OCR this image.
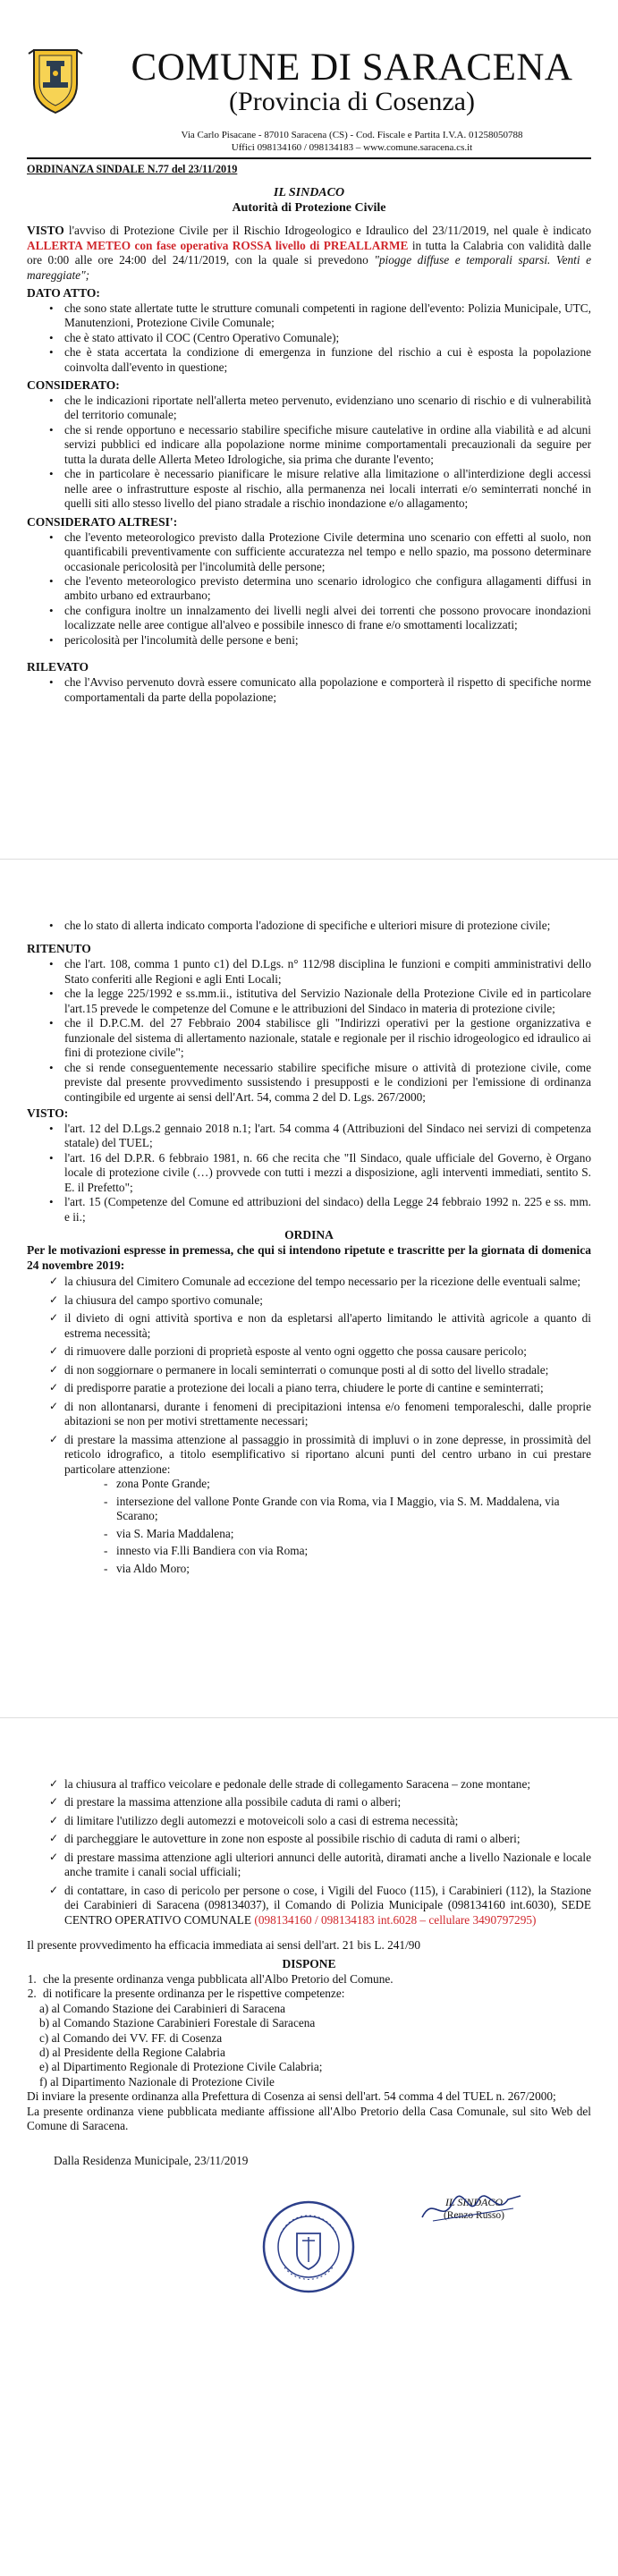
COMUNE DI SARACENA
(Provincia di Cosenza)
Via Carlo Pisacane - 87010 Saracena (CS) - Cod. Fiscale e Partita I.V.A. 01258050788
Uffici 098134160 / 098134183 – www.comune.saracena.cs.it
ORDINANZA SINDALE N.77 del 23/11/2019
IL SINDACO
Autorità di Protezione Civile

VISTO l'avviso di Protezione Civile per il Rischio Idrogeologico e Idraulico del 23/11/2019, nel quale è indicato ALLERTA METEO con fase operativa ROSSA livello di PREALLARME in tutta la Calabria con validità dalle ore 0:00 alle ore 24:00 del 24/11/2019, con la quale si prevedono "piogge diffuse e temporali sparsi. Venti e mareggiate";

DATO ATTO:
• che sono state allertate tutte le strutture comunali competenti in ragione dell'evento: Polizia Municipale, UTC, Manutenzioni, Protezione Civile Comunale;
• che è stato attivato il COC (Centro Operativo Comunale);
• che è stata accertata la condizione di emergenza in funzione del rischio a cui è esposta la popolazione coinvolta dall'evento in questione;
CONSIDERATO:
• che le indicazioni riportate nell'allerta meteo pervenuto, evidenziano uno scenario di rischio e di vulnerabilità del territorio comunale;
• che si rende opportuno e necessario stabilire specifiche misure cautelative in ordine alla viabilità e ad alcuni servizi pubblici ed indicare alla popolazione norme minime comportamentali precauzionali da seguire per tutta la durata delle Allerta Meteo Idrologiche, sia prima che durante l'evento;
• che in particolare è necessario pianificare le misure relative alla limitazione o all'interdizione degli accessi nelle aree o infrastrutture esposte al rischio, alla permanenza nei locali interrati e/o seminterrati nonché in quelli siti allo stesso livello del piano stradale a rischio inondazione e/o allagamento;
CONSIDERATO ALTRESI':
• che l'evento meteorologico previsto dalla Protezione Civile determina uno scenario con effetti al suolo, non quantificabili preventivamente con sufficiente accuratezza nel tempo e nello spazio, ma possono determinare occasionale pericolosità per l'incolumità delle persone;
• che l'evento meteorologico previsto determina uno scenario idrologico che configura allagamenti diffusi in ambito urbano ed extraurbano;
• che configura inoltre un innalzamento dei livelli negli alvei dei torrenti che possono provocare inondazioni localizzate nelle aree contigue all'alveo e possibile innesco di frane e/o smottamenti localizzati;
• pericolosità per l'incolumità delle persone e beni;
RILEVATO
• che l'Avviso pervenuto dovrà essere comunicato alla popolazione e comporterà il rispetto di specifiche norme comportamentali da parte della popolazione;
• che lo stato di allerta indicato comporta l'adozione di specifiche e ulteriori misure di protezione civile;
RITENUTO
• che l'art. 108, comma 1 punto c1) del D.Lgs. n° 112/98 disciplina le funzioni e compiti amministrativi dello Stato conferiti alle Regioni e agli Enti Locali;
• che la legge 225/1992 e ss.mm.ii., istitutiva del Servizio Nazionale della Protezione Civile ed in particolare l'art.15 prevede le competenze del Comune e le attribuzioni del Sindaco in materia di protezione civile;
• che il D.P.C.M. del 27 Febbraio 2004 stabilisce gli "Indirizzi operativi per la gestione organizzativa e funzionale del sistema di allertamento nazionale, statale e regionale per il rischio idrogeologico ed idraulico ai fini di protezione civile";
• che si rende conseguentemente necessario stabilire specifiche misure o attività di protezione civile, come previste dal presente provvedimento sussistendo i presupposti e le condizioni per l'emissione di ordinanza contingibile ed urgente ai sensi dell'Art. 54, comma 2 del D. Lgs. 267/2000;
VISTO:
• l'art. 12 del D.Lgs.2 gennaio 2018 n.1; l'art. 54 comma 4 (Attribuzioni del Sindaco nei servizi di competenza statale) del TUEL;
• l'art. 16 del D.P.R. 6 febbraio 1981, n. 66 che recita che "Il Sindaco, quale ufficiale del Governo, è Organo locale di protezione civile (…) provvede con tutti i mezzi a disposizione, agli interventi immediati, sentito S. E. il Prefetto";
• l'art. 15 (Competenze del Comune ed attribuzioni del sindaco) della Legge 24 febbraio 1992 n. 225 e ss. mm. e ii.;
ORDINA

Per le motivazioni espresse in premessa, che qui si intendono ripetute e trascritte per la giornata di domenica 24 novembre 2019:

✓ la chiusura del Cimitero Comunale ad eccezione del tempo necessario per la ricezione delle eventuali salme;
✓ la chiusura del campo sportivo comunale;
✓ il divieto di ogni attività sportiva e non da espletarsi all'aperto limitando le attività agricole a quanto di estrema necessità;
✓ di rimuovere dalle porzioni di proprietà esposte al vento ogni oggetto che possa causare pericolo;
✓ di non soggiornare o permanere in locali seminterrati o comunque posti al di sotto del livello stradale;
✓ di predisporre paratie a protezione dei locali a piano terra, chiudere le porte di cantine e seminterrati;
✓ di non allontanarsi, durante i fenomeni di precipitazioni intensa e/o fenomeni temporaleschi, dalle proprie abitazioni se non per motivi strettamente necessari;
✓ di prestare la massima attenzione al passaggio in prossimità di impluvi o in zone depresse, in prossimità del reticolo idrografico, a titolo esemplificativo si riportano alcuni punti del centro urbano in cui prestare particolare attenzione:
- zona Ponte Grande;
- intersezione del vallone Ponte Grande con via Roma, via I Maggio, via S. M. Maddalena, via Scarano;
- via S. Maria Maddalena;
- innesto via F.lli Bandiera con via Roma;
- via Aldo Moro;
✓ la chiusura al traffico veicolare e pedonale delle strade di collegamento Saracena – zone montane;
✓ di prestare la massima attenzione alla possibile caduta di rami o alberi;
✓ di limitare l'utilizzo degli automezzi e motoveicoli solo a casi di estrema necessità;
✓ di parcheggiare le autovetture in zone non esposte al possibile rischio di caduta di rami o alberi;
✓ di prestare massima attenzione agli ulteriori annunci delle autorità, diramati anche a livello Nazionale e locale anche tramite i canali social ufficiali;
✓ di contattare, in caso di pericolo per persone o cose, i Vigili del Fuoco (115), i Carabinieri (112), la Stazione dei Carabinieri di Saracena (098134037), il Comando di Polizia Municipale (098134160 int.6030), SEDE CENTRO OPERATIVO COMUNALE (098134160 / 098134183 int.6028 – cellulare 3490797295)

Il presente provvedimento ha efficacia immediata ai sensi dell'art. 21 bis L. 241/90

DISPONE
1. che la presente ordinanza venga pubblicata all'Albo Pretorio del Comune.
2. di notificare la presente ordinanza per le rispettive competenze:
a) al Comando Stazione dei Carabinieri di Saracena
b) al Comando Stazione Carabinieri Forestale di Saracena
c) al Comando dei VV. FF. di Cosenza
d) al Presidente della Regione Calabria
e) al Dipartimento Regionale di Protezione Civile Calabria;
f) al Dipartimento Nazionale di Protezione Civile

Di inviare la presente ordinanza alla Prefettura di Cosenza ai sensi dell'art. 54 comma 4 del TUEL n. 267/2000;

La presente ordinanza viene pubblicata mediante affissione all'Albo Pretorio della Casa Comunale, sul sito Web del Comune di Saracena.

Dalla Residenza Municipale, 23/11/2019

IL SINDACO
(Renzo Russo)
